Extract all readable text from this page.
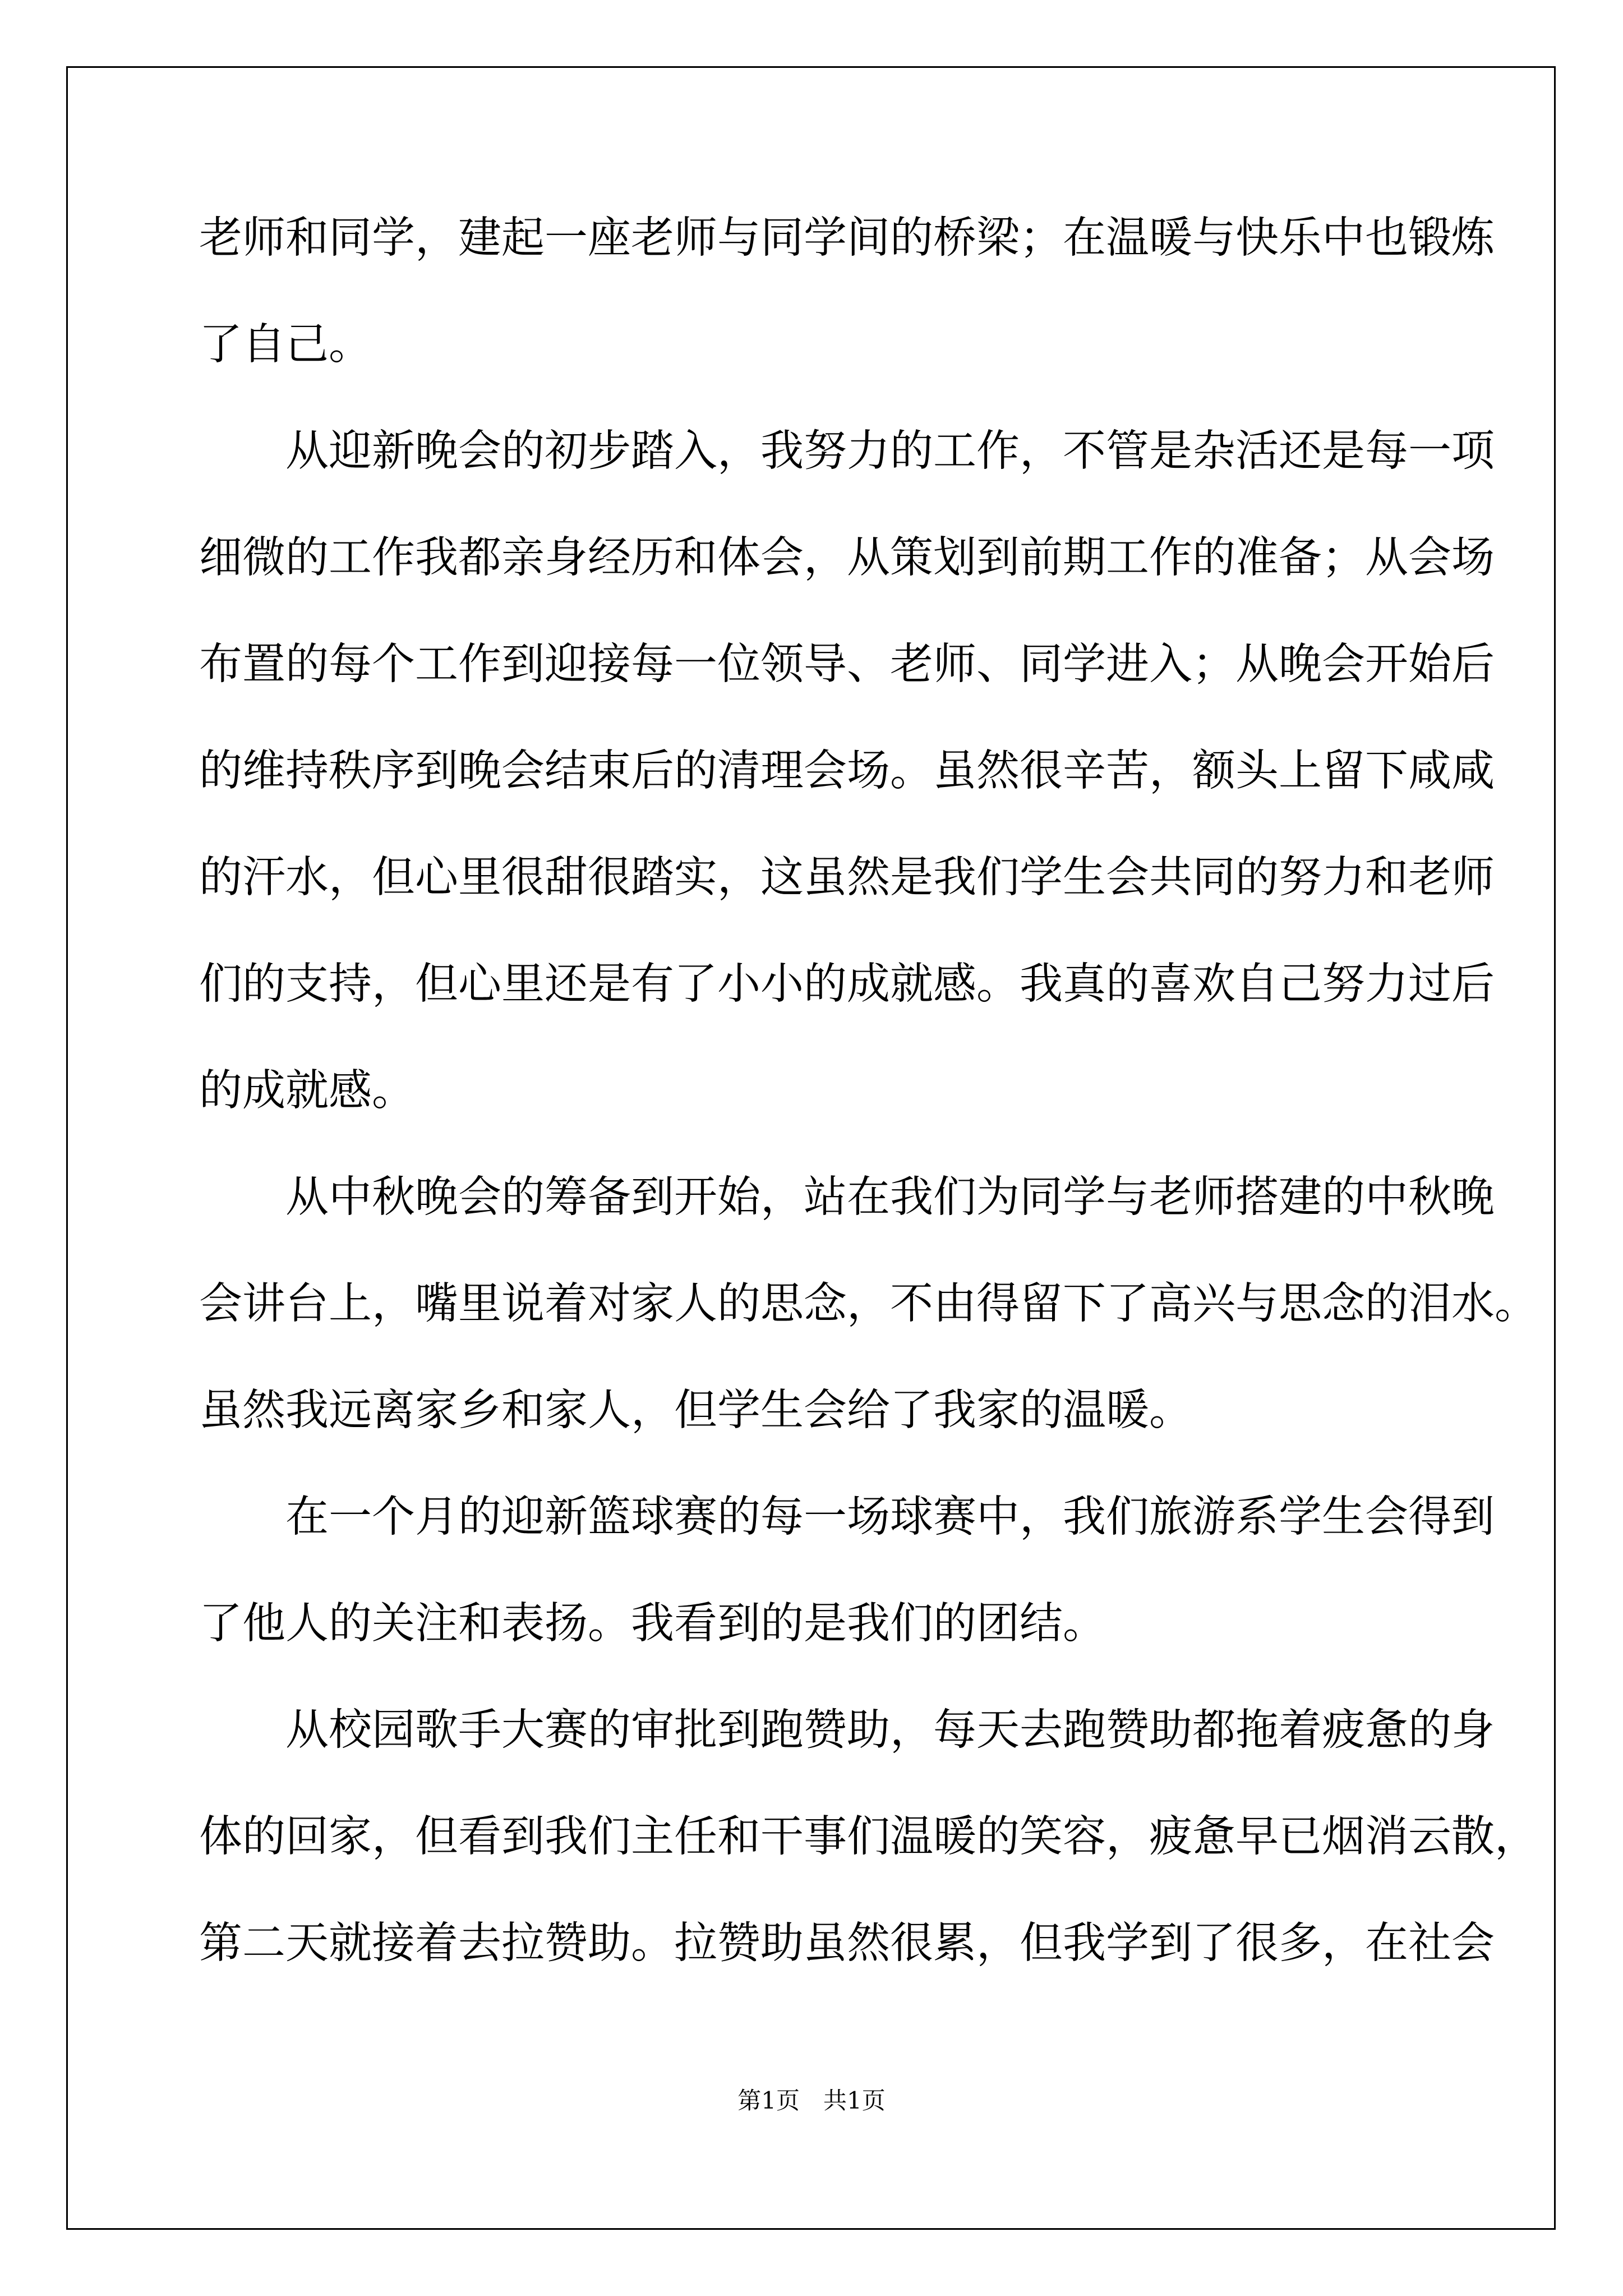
老师和同学，建起一座老师与同学间的桥梁；在温暖与快乐中也锻炼
了自己。
　　从迎新晚会的初步踏入，我努力的工作，不管是杂活还是每一项
细微的工作我都亲身经历和体会，从策划到前期工作的准备；从会场
布置的每个工作到迎接每一位领导、老师、同学进入；从晚会开始后
的维持秩序到晚会结束后的清理会场。虽然很辛苦，额头上留下咸咸
的汗水，但心里很甜很踏实，这虽然是我们学生会共同的努力和老师
们的支持，但心里还是有了小小的成就感。我真的喜欢自己努力过后
的成就感。
　　从中秋晚会的筹备到开始，站在我们为同学与老师搭建的中秋晚
会讲台上，嘴里说着对家人的思念，不由得留下了高兴与思念的泪水。
虽然我远离家乡和家人，但学生会给了我家的温暖。
　　在一个月的迎新篮球赛的每一场球赛中，我们旅游系学生会得到
了他人的关注和表扬。我看到的是我们的团结。
　　从校园歌手大赛的审批到跑赞助，每天去跑赞助都拖着疲惫的身
体的回家，但看到我们主任和干事们温暖的笑容，疲惫早已烟消云散，
第二天就接着去拉赞助。拉赞助虽然很累，但我学到了很多，在社会
第1页　共1页
